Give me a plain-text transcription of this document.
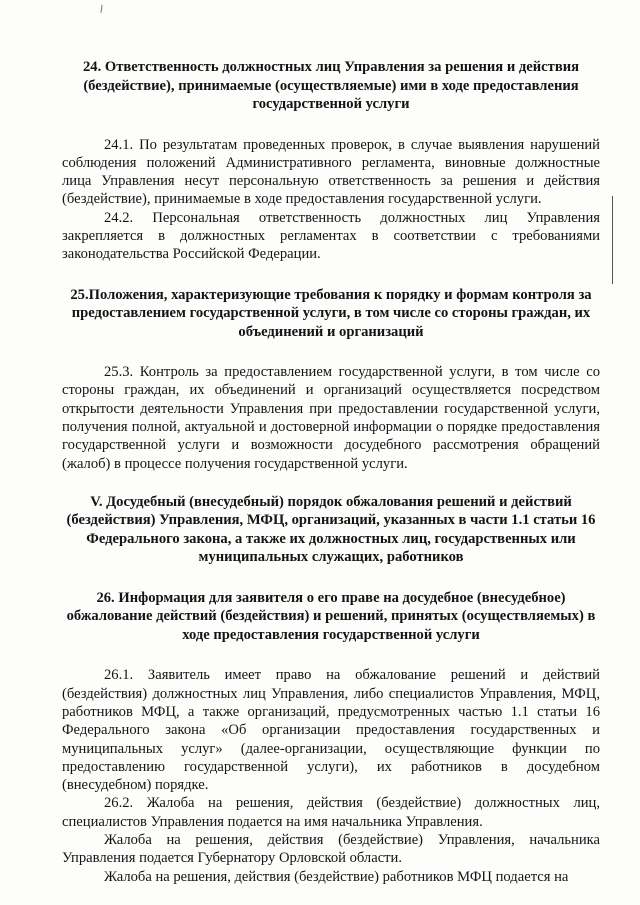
24. Ответственность должностных лиц Управления за решения и действия (бездействие), принимаемые (осуществляемые) ими в ходе предоставления государственной услуги

24.1. По результатам проведенных проверок, в случае выявления нарушений соблюдения положений Административного регламента, виновные должностные лица Управления несут персональную ответственность за решения и действия (бездействие), принимаемые в ходе предоставления государственной услуги.

24.2. Персональная ответственность должностных лиц Управления закрепляется в должностных регламентах в соответствии с требованиями законодательства Российской Федерации.

25.Положения, характеризующие требования к порядку и формам контроля за предоставлением государственной услуги, в том числе со стороны граждан, их объединений и организаций

25.3. Контроль за предоставлением государственной услуги, в том числе со стороны граждан, их объединений и организаций осуществляется посредством открытости деятельности Управления при предоставлении государственной услуги, получения полной, актуальной и достоверной информации о порядке предоставления государственной услуги и возможности досудебного рассмотрения обращений (жалоб) в процессе получения государственной услуги.

V. Досудебный (внесудебный) порядок обжалования решений и действий (бездействия) Управления, МФЦ, организаций, указанных в части 1.1 статьи 16 Федерального закона, а также их должностных лиц, государственных или муниципальных служащих, работников

26. Информация для заявителя о его праве на досудебное (внесудебное) обжалование действий (бездействия) и решений, принятых (осуществляемых) в ходе предоставления государственной услуги

26.1. Заявитель имеет право на обжалование решений и действий (бездействия) должностных лиц Управления, либо специалистов Управления, МФЦ, работников МФЦ, а также организаций, предусмотренных частью 1.1 статьи 16 Федерального закона «Об организации предоставления государственных и муниципальных услуг» (далее-организации, осуществляющие функции по предоставлению государственной услуги), их работников в досудебном (внесудебном) порядке.

26.2. Жалоба на решения, действия (бездействие) должностных лиц, специалистов Управления подается на имя начальника Управления.

Жалоба на решения, действия (бездействие) Управления, начальника Управления подается Губернатору Орловской области.

Жалоба на решения, действия (бездействие) работников МФЦ подается на
